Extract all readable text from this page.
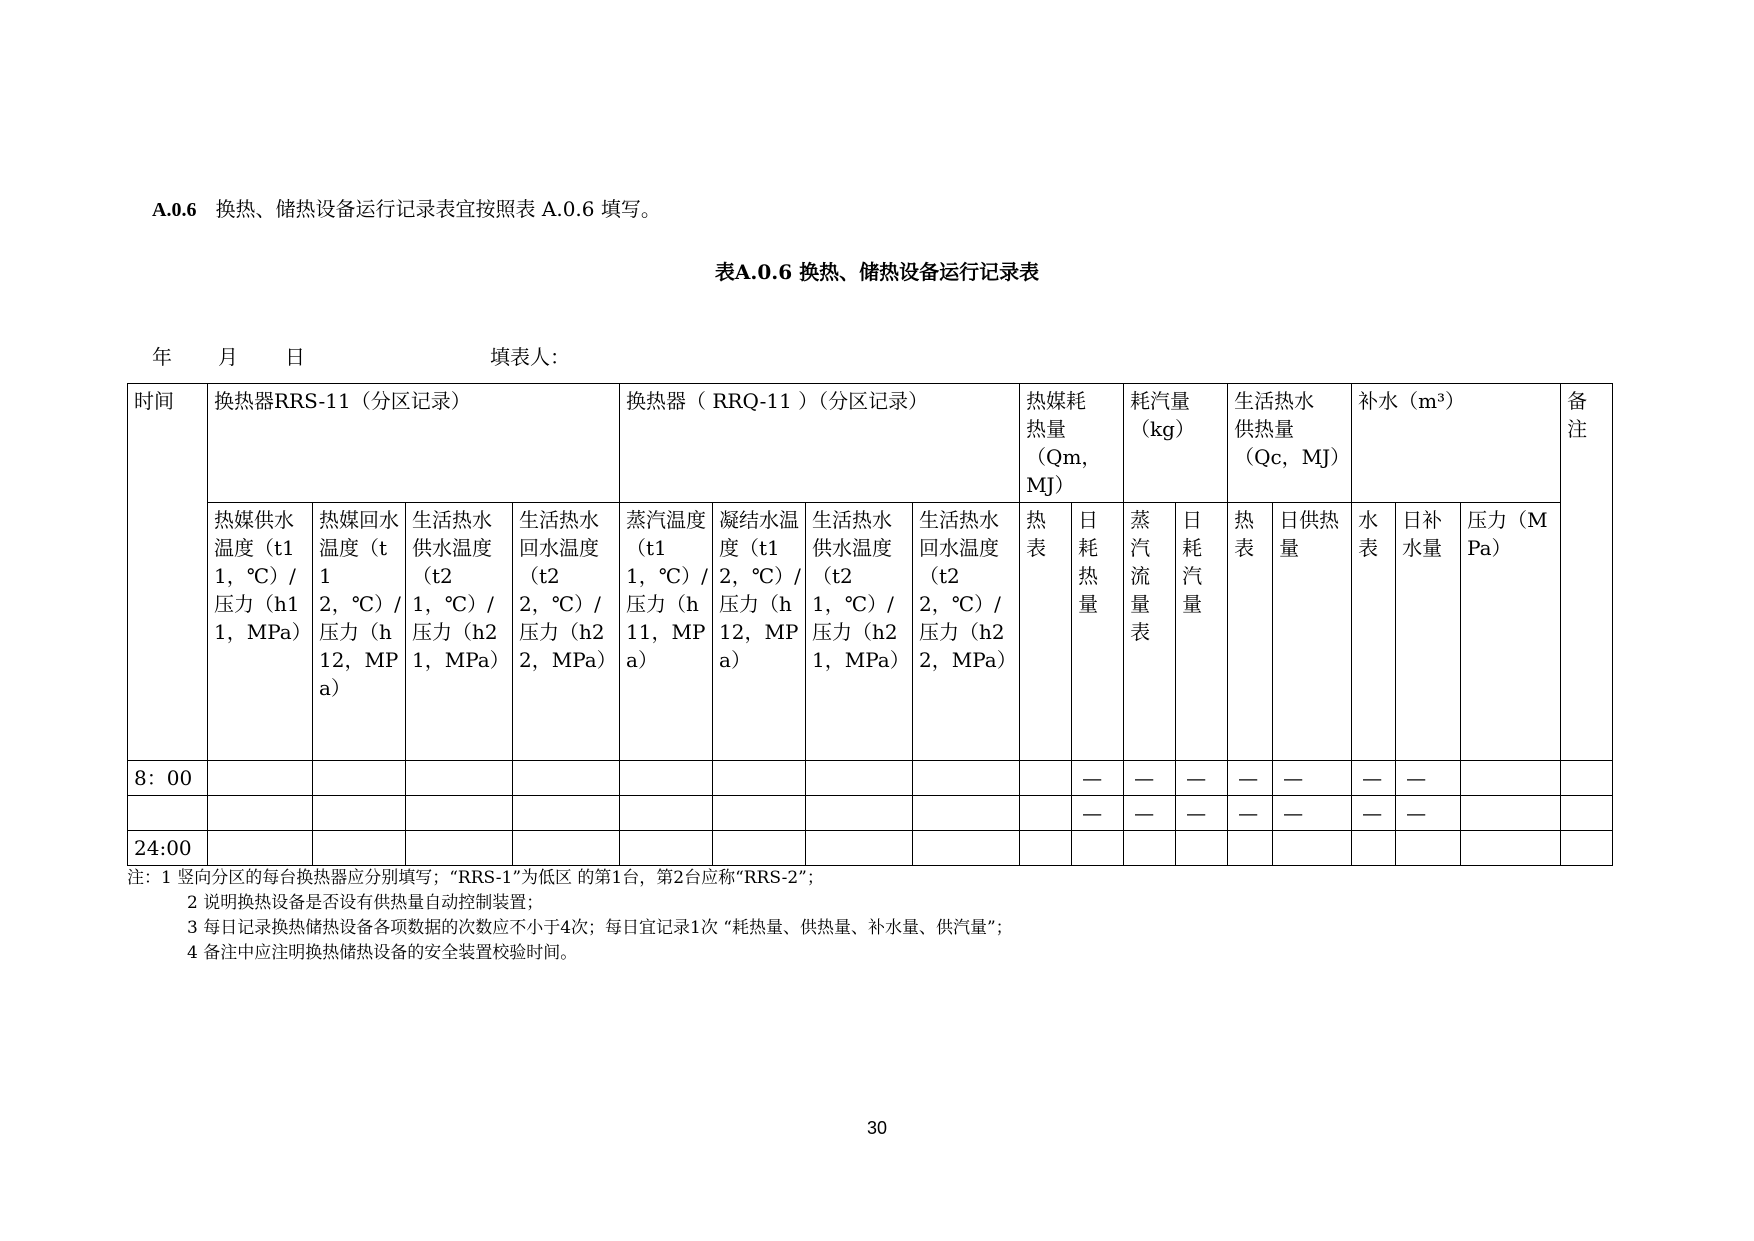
A.0.6 换热、储热设备运行记录表宜按照表 A.0.6 填写。
表A.0.6 换热、储热设备运行记录表
年 月 日	填表人：
时间	换热器RRS-11（分区记录）				换热器（ RRQ-11 ）（分区记录）				热媒耗
热量
（Qm，
MJ）		耗汽量
（kg）		生活热水
供热量
（Qc，MJ）		补水（m³）			备
注
	热媒供水温度（t11，℃）/压力（h11，MPa）	热媒回水温度（t12，℃）/压力（h12，MPa）	生活热水供水温度（t21，℃）/压力（h21，MPa）	生活热水回水温度（t22，℃）/压力（h22，MPa）	蒸汽温度（t11，℃）/压力（h11，MPa）	凝结水温度（t12，℃）/压力（h12，MPa）	生活热水供水温度（t21，℃）/压力（h21，MPa）	生活热水回水温度（t22，℃）/压力（h22，MPa）	热表	日耗热量	蒸汽流量表	日耗汽量	热表	日供热量	水表	日补水量	压力（MPa）	
8：00										—	—	—	—	—	—	—		
										—	—	—	—	—	—	—		
24:00																		
注：1 竖向分区的每台换热器应分别填写；“RRS-1”为低区 的第1台，第2台应称“RRS-2”；
2 说明换热设备是否设有供热量自动控制装置；
3 每日记录换热储热设备各项数据的次数应不小于4次；每日宜记录1次 “耗热量、供热量、补水量、供汽量”；
4 备注中应注明换热储热设备的安全装置校验时间。
30
